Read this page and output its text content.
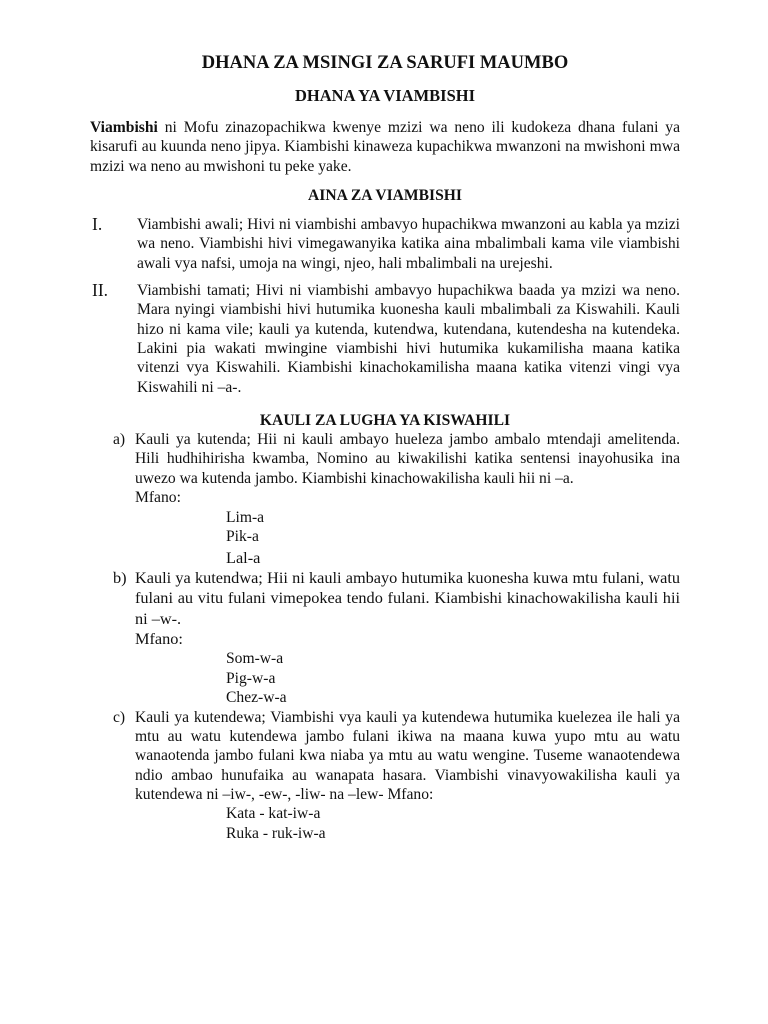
DHANA ZA MSINGI ZA SARUFI MAUMBO
DHANA YA VIAMBISHI
Viambishi ni Mofu zinazopachikwa kwenye mzizi wa neno ili kudokeza dhana fulani ya kisarufi au kuunda neno jipya. Kiambishi kinaweza kupachikwa mwanzoni na mwishoni mwa mzizi wa neno au mwishoni tu peke yake.
AINA ZA VIAMBISHI
I.	Viambishi awali; Hivi ni viambishi ambavyo hupachikwa mwanzoni au kabla ya mzizi wa neno. Viambishi hivi vimegawanyika katika aina mbalimbali kama vile viambishi awali vya nafsi, umoja na wingi, njeo, hali mbalimbali na urejeshi.
II.	Viambishi tamati; Hivi ni viambishi ambavyo hupachikwa baada ya mzizi wa neno. Mara nyingi viambishi hivi hutumika kuonesha kauli mbalimbali za Kiswahili. Kauli hizo ni kama vile; kauli ya kutenda, kutendwa, kutendana, kutendesha na kutendeka. Lakini pia wakati mwingine viambishi hivi hutumika kukamilisha maana katika vitenzi vya Kiswahili. Kiambishi kinachokamilisha maana katika vitenzi vingi vya Kiswahili ni –a-.
KAULI ZA LUGHA YA KISWAHILI
a) Kauli ya kutenda; Hii ni kauli ambayo hueleza jambo ambalo mtendaji amelitenda. Hili hudhihirisha kwamba, Nomino au kiwakilishi katika sentensi inayohusika ina uwezo wa kutenda jambo. Kiambishi kinachowakilisha kauli hii ni –a.
Mfano:
Lim-a
Pik-a
Lal-a
b) Kauli ya kutendwa; Hii ni kauli ambayo hutumika kuonesha kuwa mtu fulani, watu fulani au vitu fulani vimepokea tendo fulani. Kiambishi kinachowakilisha kauli hii ni –w-.
Mfano:
Som-w-a
Pig-w-a
Chez-w-a
c) Kauli ya kutendewa; Viambishi vya kauli ya kutendewa hutumika kuelezea ile hali ya mtu au watu kutendewa jambo fulani ikiwa na maana kuwa yupo mtu au watu wanaotenda jambo fulani kwa niaba ya mtu au watu wengine. Tuseme wanaotendewa ndio ambao hunufaika au wanapata hasara. Viambishi vinavyowakilisha kauli ya kutendewa ni –iw-, -ew-, -liw- na –lew- Mfano:
Kata - kat-iw-a
Ruka - ruk-iw-a
